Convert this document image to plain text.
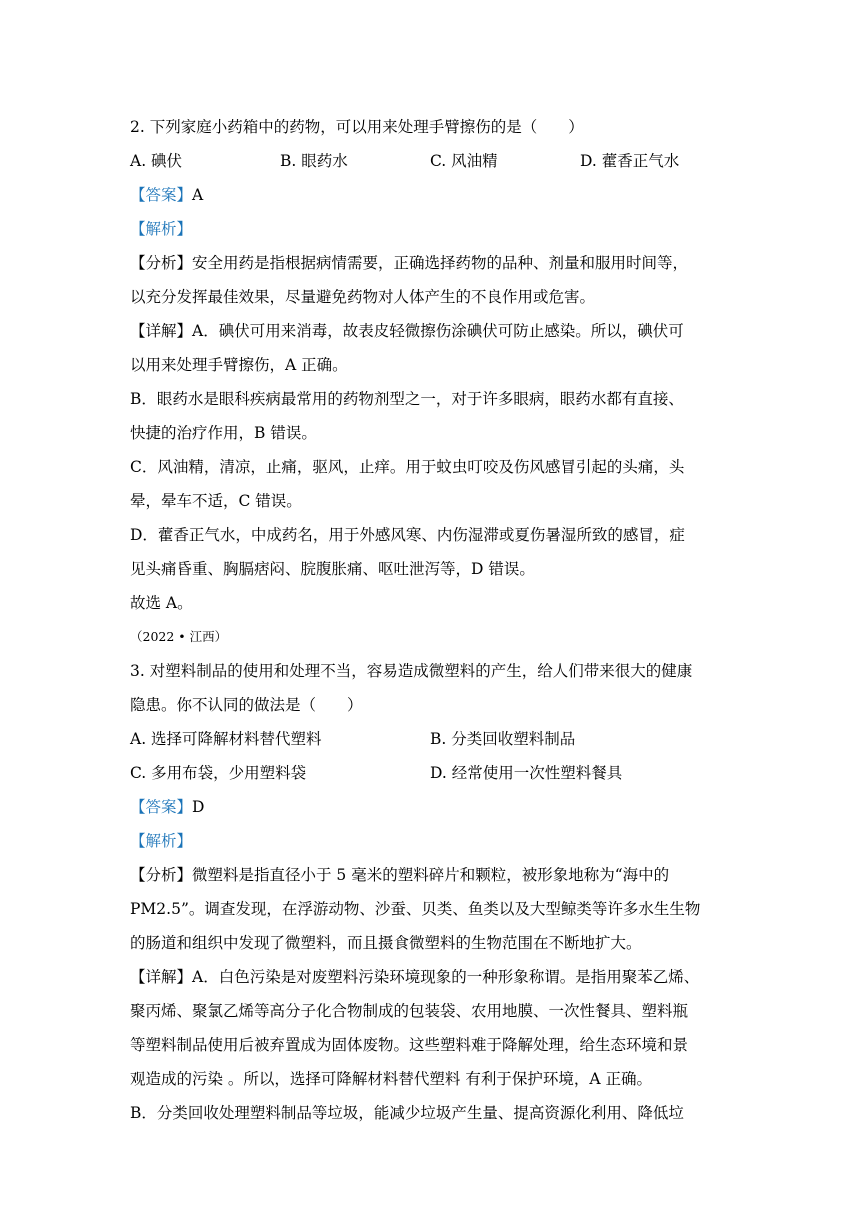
2. 下列家庭小药箱中的药物，可以用来处理手臂擦伤的是（　　）
A. 碘伏	B. 眼药水	C. 风油精	D. 藿香正气水
【答案】A
【解析】
【分析】安全用药是指根据病情需要，正确选择药物的品种、剂量和服用时间等，
以充分发挥最佳效果，尽量避免药物对人体产生的不良作用或危害。
【详解】A．碘伏可用来消毒，故表皮轻微擦伤涂碘伏可防止感染。所以，碘伏可
以用来处理手臂擦伤，A 正确。
B．眼药水是眼科疾病最常用的药物剂型之一，对于许多眼病，眼药水都有直接、
快捷的治疗作用，B 错误。
C．风油精，清凉，止痛，驱风，止痒。用于蚊虫叮咬及伤风感冒引起的头痛，头
晕，晕车不适，C 错误。
D．藿香正气水，中成药名，用于外感风寒、内伤湿滞或夏伤暑湿所致的感冒，症
见头痛昏重、胸膈痞闷、脘腹胀痛、呕吐泄泻等，D 错误。
故选 A。
（2022 • 江西）
3. 对塑料制品的使用和处理不当，容易造成微塑料的产生，给人们带来很大的健康
隐患。你不认同的做法是（　　）
A. 选择可降解材料替代塑料	B. 分类回收塑料制品
C. 多用布袋，少用塑料袋	D. 经常使用一次性塑料餐具
【答案】D
【解析】
【分析】微塑料是指直径小于 5 毫米的塑料碎片和颗粒，被形象地称为“海中的
PM2.5”。调查发现，在浮游动物、沙蚕、贝类、鱼类以及大型鲸类等许多水生生物
的肠道和组织中发现了微塑料，而且摄食微塑料的生物范围在不断地扩大。
【详解】A．白色污染是对废塑料污染环境现象的一种形象称谓。是指用聚苯乙烯、
聚丙烯、聚氯乙烯等高分子化合物制成的包装袋、农用地膜、一次性餐具、塑料瓶
等塑料制品使用后被弃置成为固体废物。这些塑料难于降解处理，给生态环境和景
观造成的污染 。所以，选择可降解材料替代塑料 有利于保护环境，A 正确。
B．分类回收处理塑料制品等垃圾，能减少垃圾产生量、提高资源化利用、降低垃
